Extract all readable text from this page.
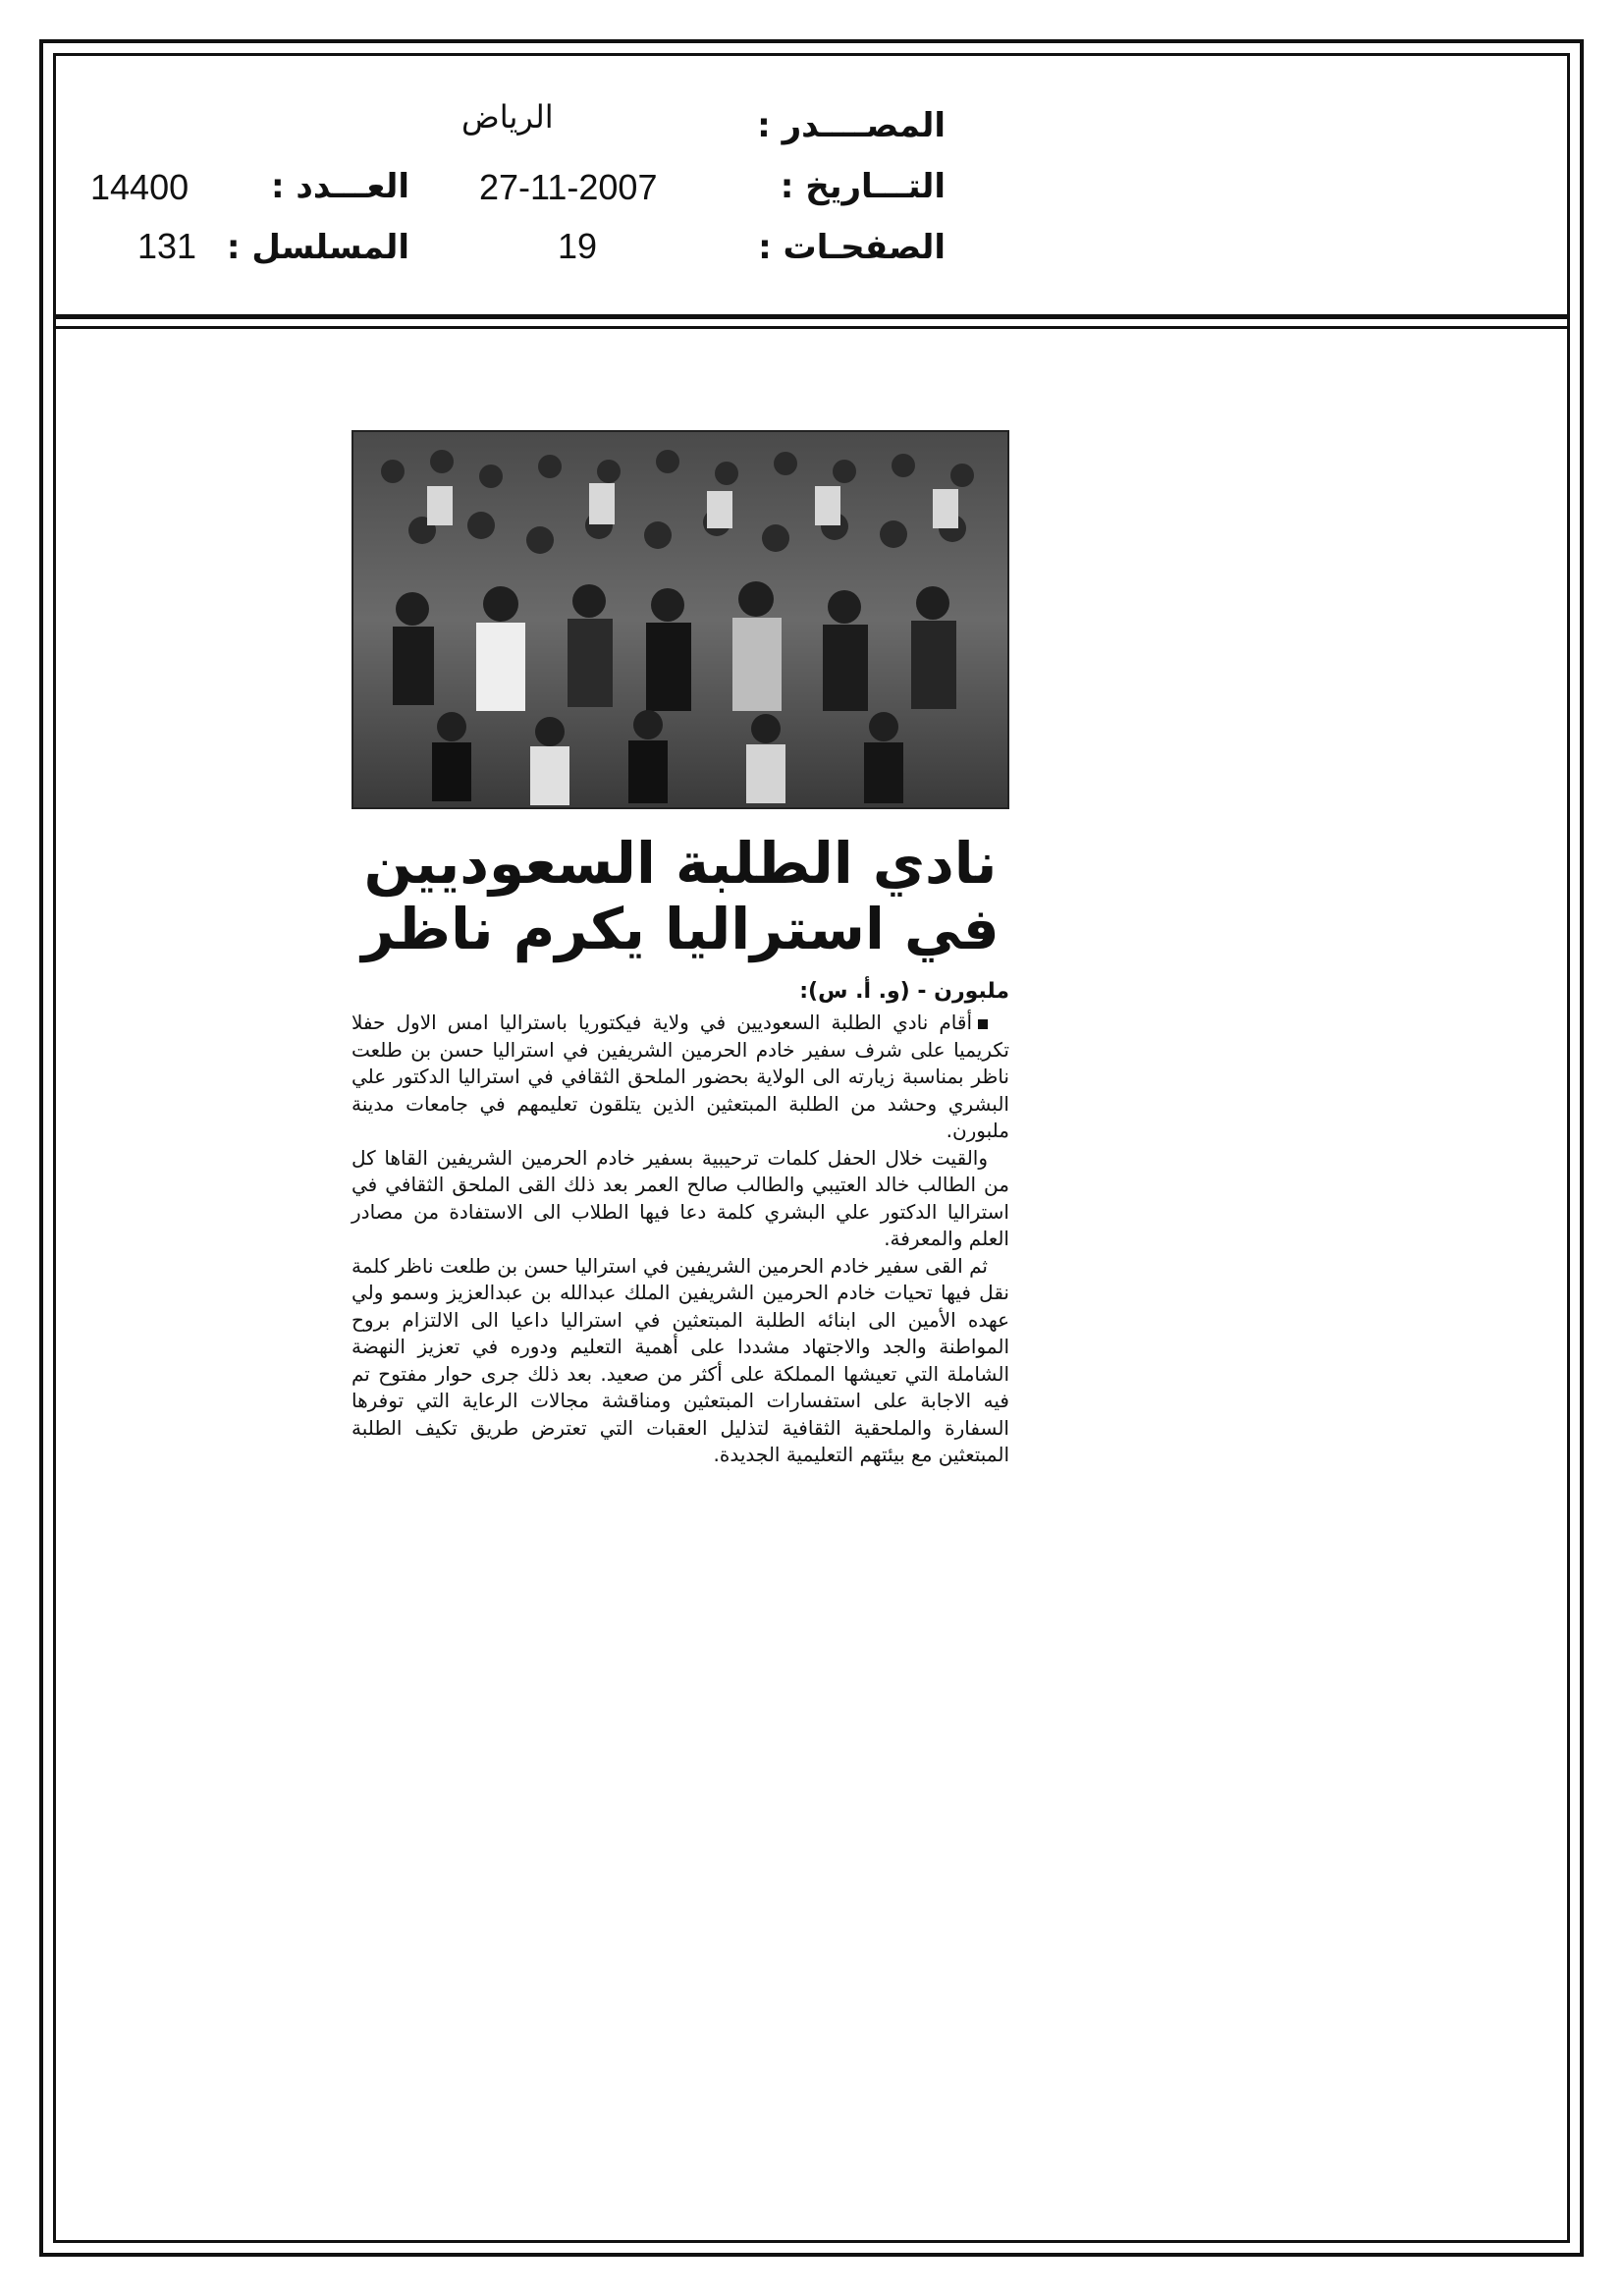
المصــــدر :
الرياض
التـــاريخ :
27-11-2007
العـــدد :
14400
الصفحـات :
19
المسلسل :
131
نادي الطلبة السعوديين في استراليا يكرم ناظر
ملبورن - (و. أ. س):

أقام نادي الطلبة السعوديين في ولاية فيكتوريا باستراليا امس الاول حفلا تكريميا على شرف سفير خادم الحرمين الشريفين في استراليا حسن بن طلعت ناظر بمناسبة زيارته الى الولاية بحضور الملحق الثقافي في استراليا الدكتور علي البشري وحشد من الطلبة المبتعثين الذين يتلقون تعليمهم في جامعات مدينة ملبورن.

والقيت خلال الحفل كلمات ترحيبية بسفير خادم الحرمين الشريفين القاها كل من الطالب خالد العتيبي والطالب صالح العمر بعد ذلك القى الملحق الثقافي في استراليا الدكتور علي البشري كلمة دعا فيها الطلاب الى الاستفادة من مصادر العلم والمعرفة.

ثم القى سفير خادم الحرمين الشريفين في استراليا حسن بن طلعت ناظر كلمة نقل فيها تحيات خادم الحرمين الشريفين الملك عبدالله بن عبدالعزيز وسمو ولي عهده الأمين الى ابنائه الطلبة المبتعثين في استراليا داعيا الى الالتزام بروح المواطنة والجد والاجتهاد مشددا على أهمية التعليم ودوره في تعزيز النهضة الشاملة التي تعيشها المملكة على أكثر من صعيد. بعد ذلك جرى حوار مفتوح تم فيه الاجابة على استفسارات المبتعثين ومناقشة مجالات الرعاية التي توفرها السفارة والملحقية الثقافية لتذليل العقبات التي تعترض طريق تكيف الطلبة المبتعثين مع بيئتهم التعليمية الجديدة.
